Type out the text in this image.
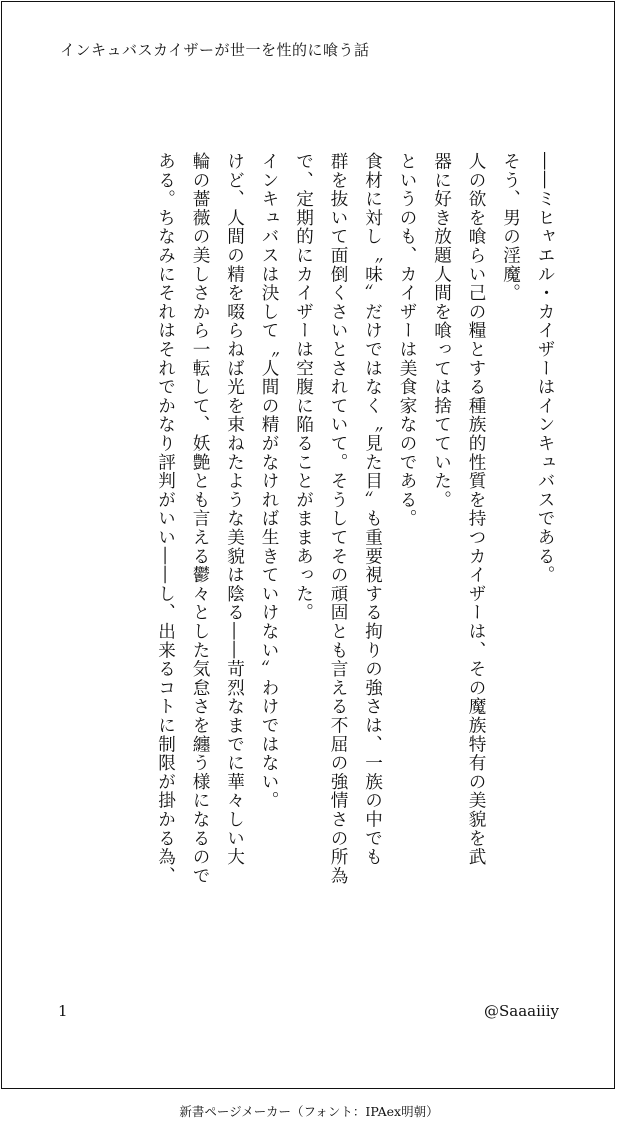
インキュバスカイザーが世一を性的に喰う話

――ミヒャエル・カイザーはインキュバスである。

そう、男の淫魔。

人の欲を喰らい己の糧とする種族的性質を持つカイザーは、その魔族特有の美貌を武

器に好き放題人間を喰っては捨てていた。

というのも、カイザーは美食家なのである。

食材に対し〝味〟だけではなく〝見た目〟も重要視する拘りの強さは、一族の中でも

群を抜いて面倒くさいとされていて。そうしてその頑固とも言える不屈の強情さの所為

で、定期的にカイザーは空腹に陥ることがままあった。

インキュバスは決して〝人間の精がなければ生きていけない〟わけではない。

けど、人間の精を啜らねば光を束ねたような美貌は陰る――苛烈なまでに華々しい大

輪の薔薇の美しさから一転して、妖艶とも言える鬱々とした気怠さを纏う様になるので

ある。ちなみにそれはそれでかなり評判がいい――し、出来るコトに制限が掛かる為、

1	@Saaaiiiy
新書ページメーカー（フォント：IPAex明朝）
